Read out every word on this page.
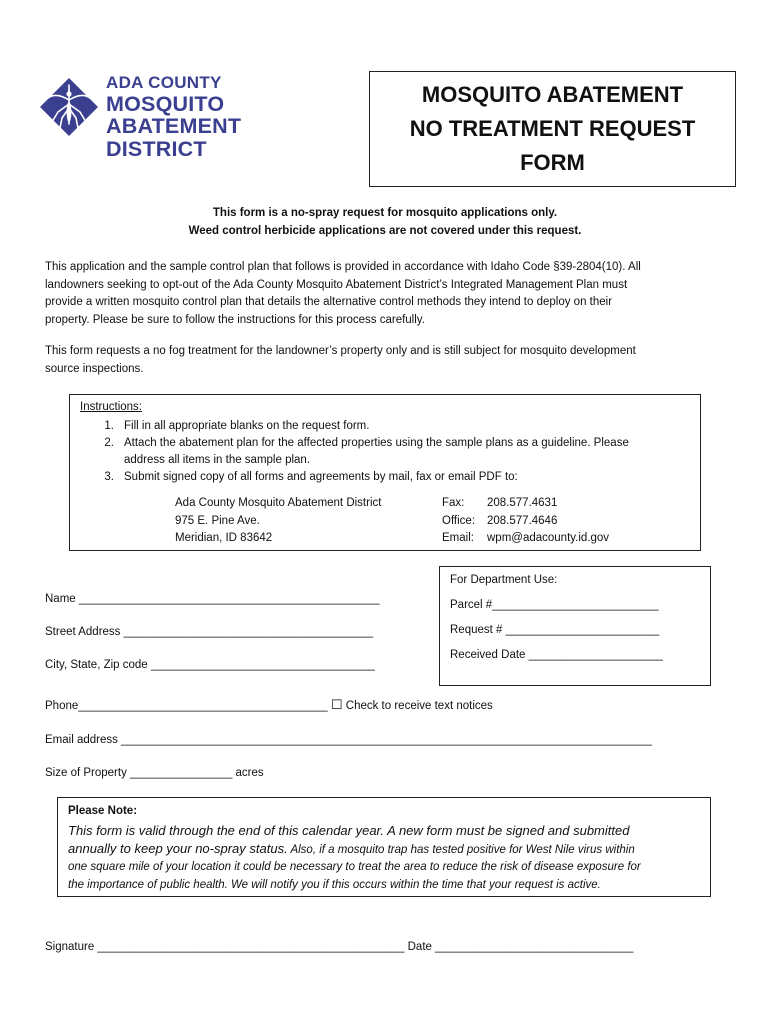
ADA COUNTY
MOSQUITO ABATEMENT
DISTRICT
MOSQUITO ABATEMENT
NO TREATMENT REQUEST
FORM
This form is a no-spray request for mosquito applications only.
Weed control herbicide applications are not covered under this request.
This application and the sample control plan that follows is provided in accordance with Idaho Code §39-2804(10). All
landowners seeking to opt-out of the Ada County Mosquito Abatement District’s Integrated Management Plan must
provide a written mosquito control plan that details the alternative control methods they intend to deploy on their
property. Please be sure to follow the instructions for this process carefully.
This form requests a no fog treatment for the landowner’s property only and is still subject for mosquito development
source inspections.
Instructions:
1. Fill in all appropriate blanks on the request form.
2. Attach the abatement plan for the affected properties using the sample plans as a guideline. Please
address all items in the sample plan.
3. Submit signed copy of all forms and agreements by mail, fax or email PDF to:
Ada County Mosquito Abatement District
975 E. Pine Ave.
Meridian, ID 83642
Fax: 208.577.4631
Office: 208.577.4646
Email: wpm@adacounty.id.gov
For Department Use:
Parcel #__________________________
Request # ________________________
Received Date _____________________
Name _______________________________________________
Street Address _______________________________________
City, State, Zip code ___________________________________
Phone_______________________________________ ☐ Check to receive text notices
Email address ___________________________________________________________________________________
Size of Property ________________ acres
Please Note:
This form is valid through the end of this calendar year. A new form must be signed and submitted
annually to keep your no-spray status. Also, if a mosquito trap has tested positive for West Nile virus within
one square mile of your location it could be necessary to treat the area to reduce the risk of disease exposure for
the importance of public health. We will notify you if this occurs within the time that your request is active.
Signature ________________________________________________ Date _______________________________
